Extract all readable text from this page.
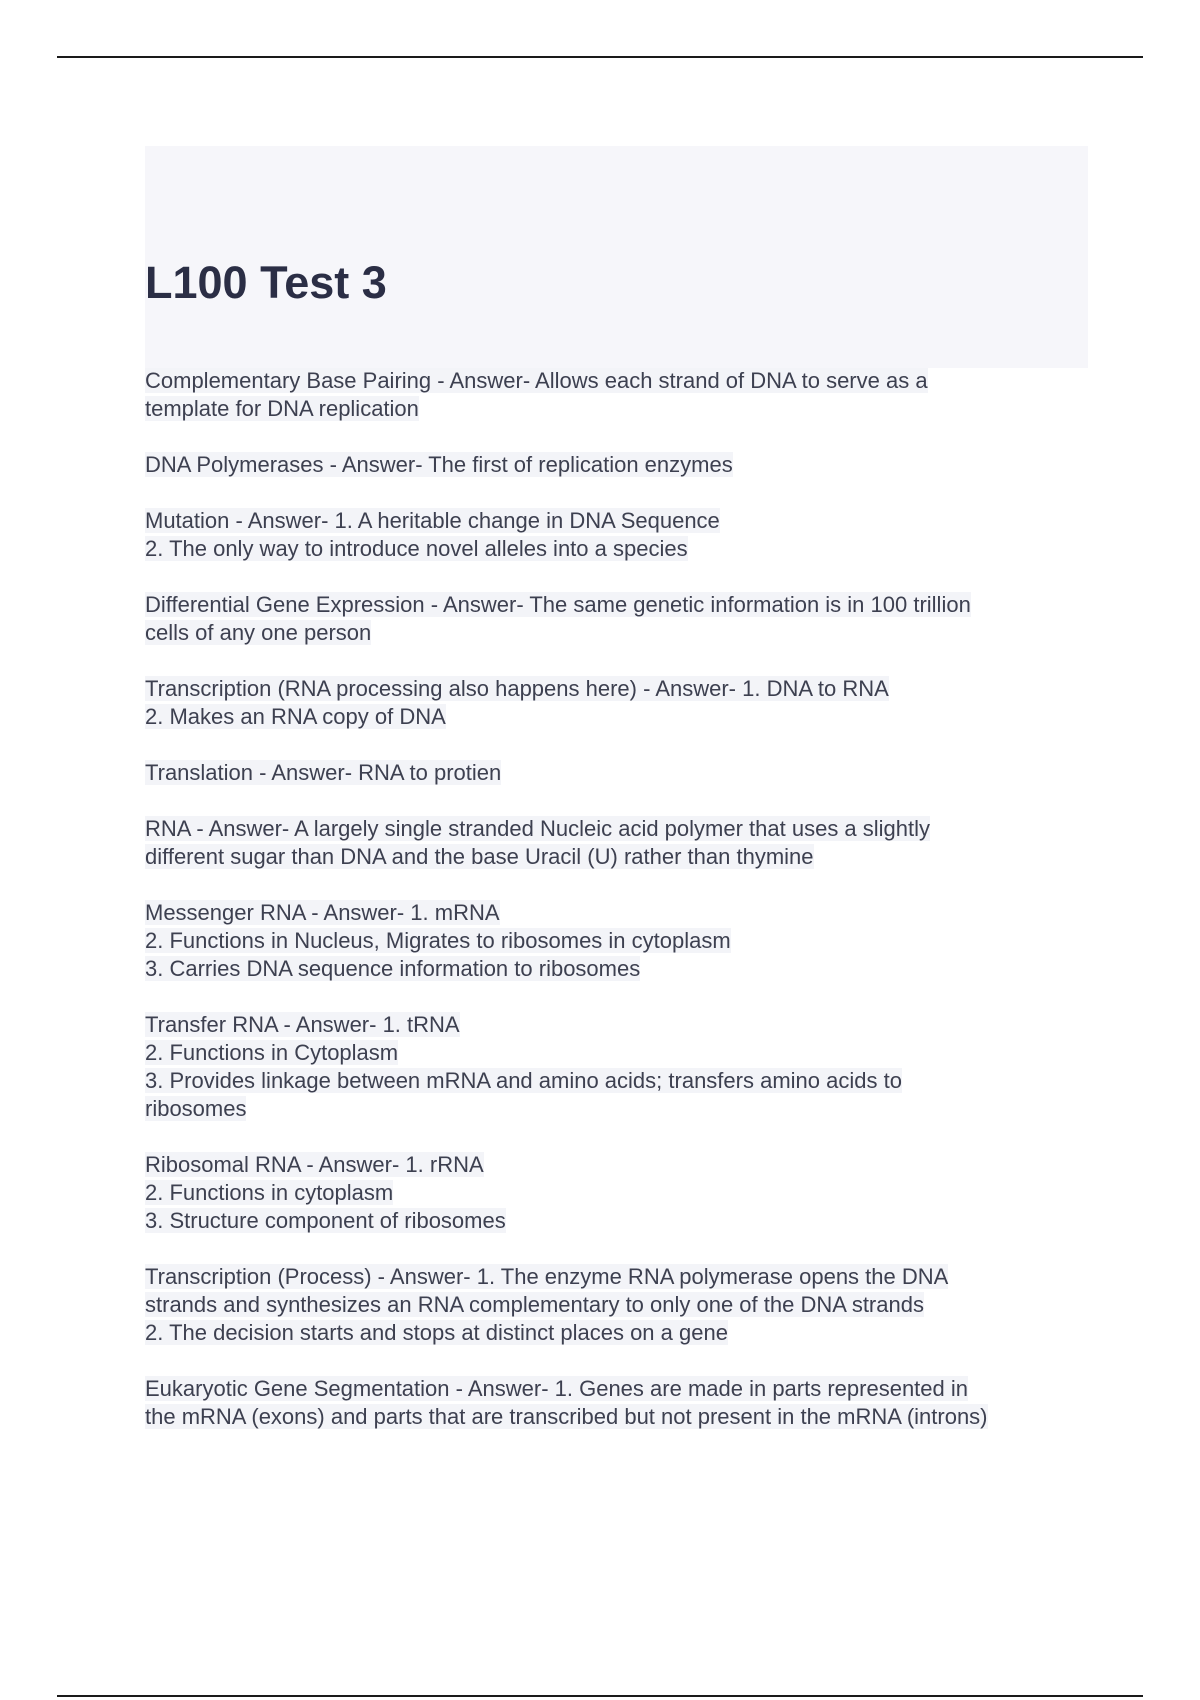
L100 Test 3
Complementary Base Pairing - Answer- Allows each strand of DNA to serve as a
template for DNA replication
DNA Polymerases - Answer- The first of replication enzymes
Mutation - Answer- 1. A heritable change in DNA Sequence
2. The only way to introduce novel alleles into a species
Differential Gene Expression - Answer- The same genetic information is in 100 trillion
cells of any one person
Transcription (RNA processing also happens here) - Answer- 1. DNA to RNA
2. Makes an RNA copy of DNA
Translation - Answer- RNA to protien
RNA - Answer- A largely single stranded Nucleic acid polymer that uses a slightly
different sugar than DNA and the base Uracil (U) rather than thymine
Messenger RNA - Answer- 1. mRNA
2. Functions in Nucleus, Migrates to ribosomes in cytoplasm
3. Carries DNA sequence information to ribosomes
Transfer RNA - Answer- 1. tRNA
2. Functions in Cytoplasm
3. Provides linkage between mRNA and amino acids; transfers amino acids to
ribosomes
Ribosomal RNA - Answer- 1. rRNA
2. Functions in cytoplasm
3. Structure component of ribosomes
Transcription (Process) - Answer- 1. The enzyme RNA polymerase opens the DNA
strands and synthesizes an RNA complementary to only one of the DNA strands
2. The decision starts and stops at distinct places on a gene
Eukaryotic Gene Segmentation - Answer- 1. Genes are made in parts represented in
the mRNA (exons) and parts that are transcribed but not present in the mRNA (introns)
